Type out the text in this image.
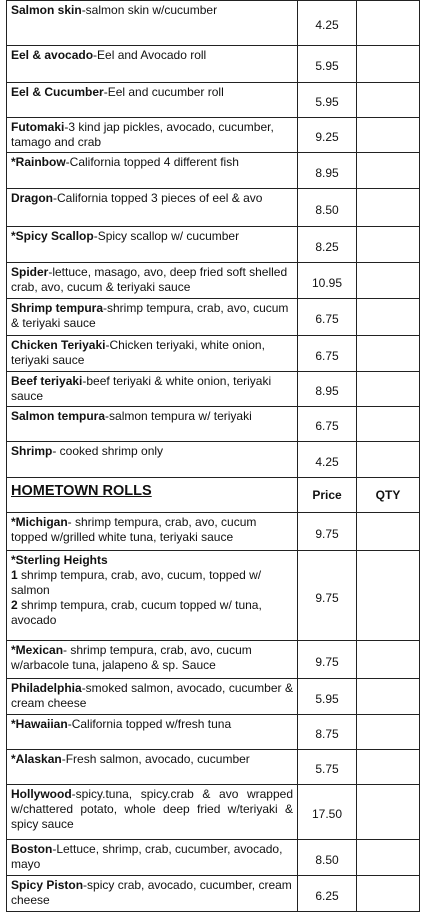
Salmon skin-salmon skin w/cucumber	4.25	
Eel & avocado-Eel and Avocado roll	5.95	
Eel & Cucumber-Eel and cucumber roll	5.95	
Futomaki-3 kind jap pickles, avocado, cucumber, tamago and crab	9.25	
*Rainbow-California topped 4 different fish	8.95	
Dragon-California topped 3 pieces of eel & avo	8.50	
*Spicy Scallop-Spicy scallop w/ cucumber	8.25	
Spider-lettuce, masago, avo, deep fried soft shelled crab, avo, cucum & teriyaki sauce	10.95	
Shrimp tempura-shrimp tempura, crab, avo, cucum & teriyaki sauce	6.75	
Chicken Teriyaki-Chicken teriyaki, white onion, teriyaki sauce	6.75	
Beef teriyaki-beef teriyaki & white onion, teriyaki sauce	8.95	
Salmon tempura-salmon tempura w/ teriyaki	6.75	
Shrimp- cooked shrimp only	4.25	
HOMETOWN ROLLS	Price	QTY
*Michigan- shrimp tempura, crab, avo, cucum topped w/grilled white tuna, teriyaki sauce	9.75	

*Sterling Heights
1 shrimp tempura, crab, avo, cucum, topped w/ salmon
2 shrimp tempura, crab, cucum topped w/ tuna, avocado	9.75	
*Mexican- shrimp tempura, crab, avo, cucum w/arbacole tuna, jalapeno & sp. Sauce	9.75	
Philadelphia-smoked salmon, avocado, cucumber & cream cheese	5.95	
*Hawaiian-California topped w/fresh tuna	8.75	
*Alaskan-Fresh salmon, avocado, cucumber	5.75	
Hollywood-spicy.tuna, spicy.crab & avo wrapped w/chattered potato, whole deep fried w/teriyaki & spicy sauce	17.50	
Boston-Lettuce, shrimp, crab, cucumber, avocado, mayo	8.50	
Spicy Piston-spicy crab, avocado, cucumber, cream cheese	6.25	
